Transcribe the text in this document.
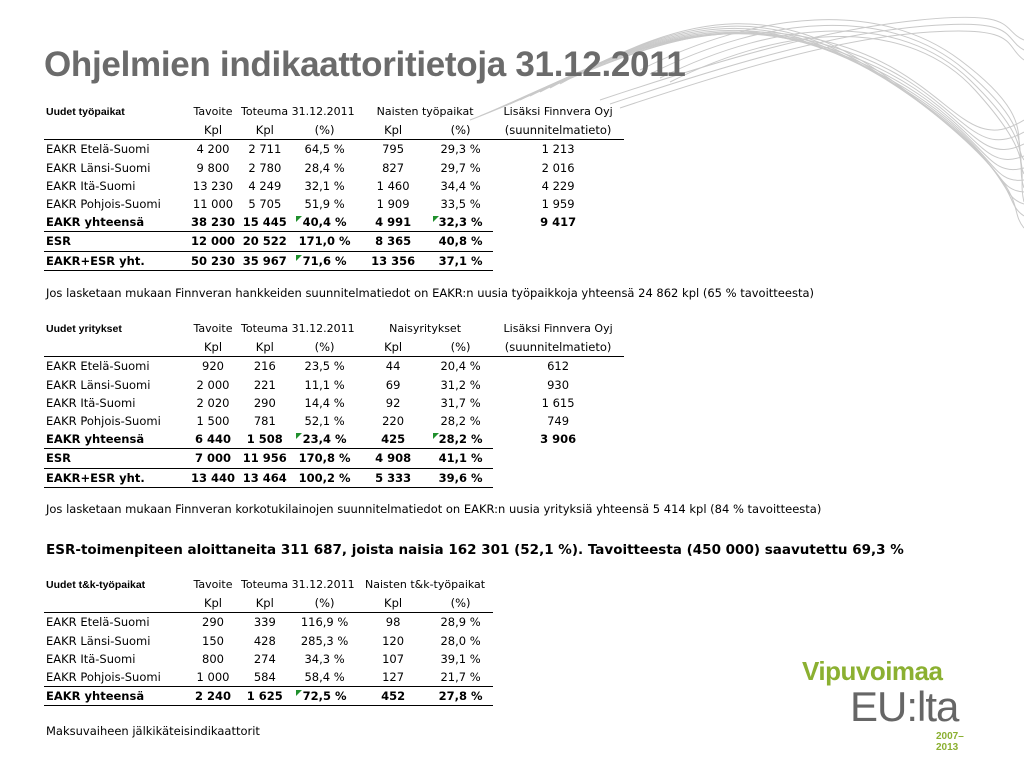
Ohjelmien indikaattoritietoja 31.12.2011
Uudet työpaikat	Tavoite	Toteuma 31.12.2011		Naisten työpaikat		Lisäksi Finnvera Oyj
	Kpl	Kpl	(%)	Kpl	(%)	(suunnitelmatieto)
EAKR Etelä-Suomi	4 200	2 711	64,5 %	795	29,3 %	1 213
EAKR Länsi-Suomi	9 800	2 780	28,4 %	827	29,7 %	2 016
EAKR Itä-Suomi	13 230	4 249	32,1 %	1 460	34,4 %	4 229
EAKR Pohjois-Suomi	11 000	5 705	51,9 %	1 909	33,5 %	1 959
EAKR yhteensä	38 230	15 445	40,4 %	4 991	32,3 %	9 417
ESR	12 000	20 522	171,0 %	8 365	40,8 %	
EAKR+ESR yht.	50 230	35 967	71,6 %	13 356	37,1 %	
Jos lasketaan mukaan Finnveran hankkeiden suunnitelmatiedot on EAKR:n uusia työpaikkoja yhteensä 24 862 kpl (65 % tavoitteesta)
Uudet yritykset	Tavoite	Toteuma 31.12.2011		Naisyritykset		Lisäksi Finnvera Oyj
	Kpl	Kpl	(%)	Kpl	(%)	(suunnitelmatieto)
EAKR Etelä-Suomi	920	216	23,5 %	44	20,4 %	612
EAKR Länsi-Suomi	2 000	221	11,1 %	69	31,2 %	930
EAKR Itä-Suomi	2 020	290	14,4 %	92	31,7 %	1 615
EAKR Pohjois-Suomi	1 500	781	52,1 %	220	28,2 %	749
EAKR yhteensä	6 440	1 508	23,4 %	425	28,2 %	3 906
ESR	7 000	11 956	170,8 %	4 908	41,1 %	
EAKR+ESR yht.	13 440	13 464	100,2 %	5 333	39,6 %	
Jos lasketaan mukaan Finnveran korkotukilainojen suunnitelmatiedot on EAKR:n uusia yrityksiä yhteensä 5 414 kpl (84 % tavoitteesta)
ESR-toimenpiteen aloittaneita 311 687, joista naisia 162 301 (52,1 %). Tavoitteesta (450 000) saavutettu 69,3 %
Uudet t&k-työpaikat	Tavoite	Toteuma 31.12.2011		Naisten t&k-työpaikat	
	Kpl	Kpl	(%)	Kpl	(%)
EAKR Etelä-Suomi	290	339	116,9 %	98	28,9 %
EAKR Länsi-Suomi	150	428	285,3 %	120	28,0 %
EAKR Itä-Suomi	800	274	34,3 %	107	39,1 %
EAKR Pohjois-Suomi	1 000	584	58,4 %	127	21,7 %
EAKR yhteensä	2 240	1 625	72,5 %	452	27,8 %
Maksuvaiheen jälkikäteisindikaattorit
Vipuvoimaa
EU:lta
2007–2013
